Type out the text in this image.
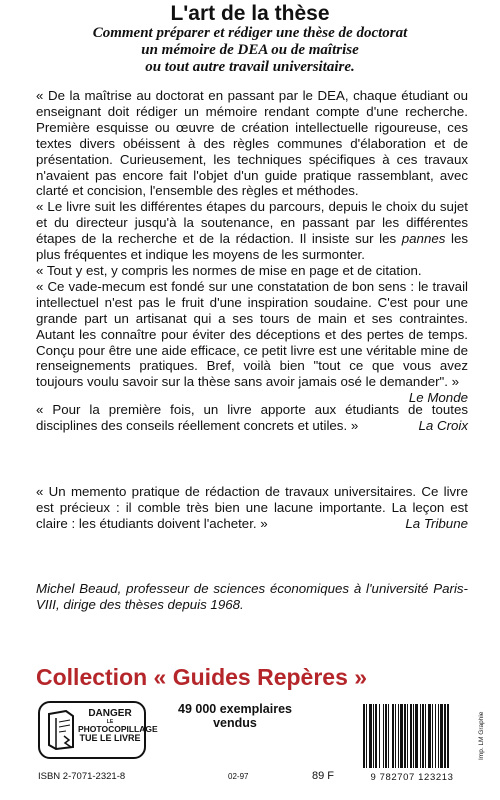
L'art de la thèse
Comment préparer et rédiger une thèse de doctorat
un mémoire de DEA ou de maîtrise
ou tout autre travail universitaire.

« De la maîtrise au doctorat en passant par le DEA, chaque étudiant ou enseignant doit rédiger un mémoire rendant compte d'une recherche. Première esquisse ou œuvre de création intellectuelle rigoureuse, ces textes divers obéissent à des règles communes d'élaboration et de présentation. Curieusement, les techniques spécifiques à ces travaux n'avaient pas encore fait l'objet d'un guide pratique rassemblant, avec clarté et concision, l'ensemble des règles et méthodes.

« Le livre suit les différentes étapes du parcours, depuis le choix du sujet et du directeur jusqu'à la soutenance, en passant par les différentes étapes de la recherche et de la rédaction. Il insiste sur les pannes les plus fréquentes et indique les moyens de les surmonter.

« Tout y est, y compris les normes de mise en page et de citation.

« Ce vade-mecum est fondé sur une constatation de bon sens : le travail intellectuel n'est pas le fruit d'une inspiration soudaine. C'est pour une grande part un artisanat qui a ses tours de main et ses contraintes. Autant les connaître pour éviter des déceptions et des pertes de temps. Conçu pour être une aide efficace, ce petit livre est une véritable mine de renseignements pratiques. Bref, voilà bien "tout ce que vous avez toujours voulu savoir sur la thèse sans avoir jamais osé le demander". »
Le Monde

« Pour la première fois, un livre apporte aux étudiants de toutes disciplines des conseils réellement concrets et utiles. »	La Croix

« Un memento pratique de rédaction de travaux universitaires. Ce livre est précieux : il comble très bien une lacune importante. La leçon est claire : les étudiants doivent l'acheter. »	La Tribune

Michel Beaud, professeur de sciences économiques à l'université Paris-VIII, dirige des thèses depuis 1968.
Collection « Guides Repères »
DANGER
LE
PHOTOCOPILLAGE
TUE LE LIVRE
49 000 exemplaires
vendus
ISBN 2-7071-2321-8	02-97	89 F	9 782707 123213
Imp. LM Graphie
